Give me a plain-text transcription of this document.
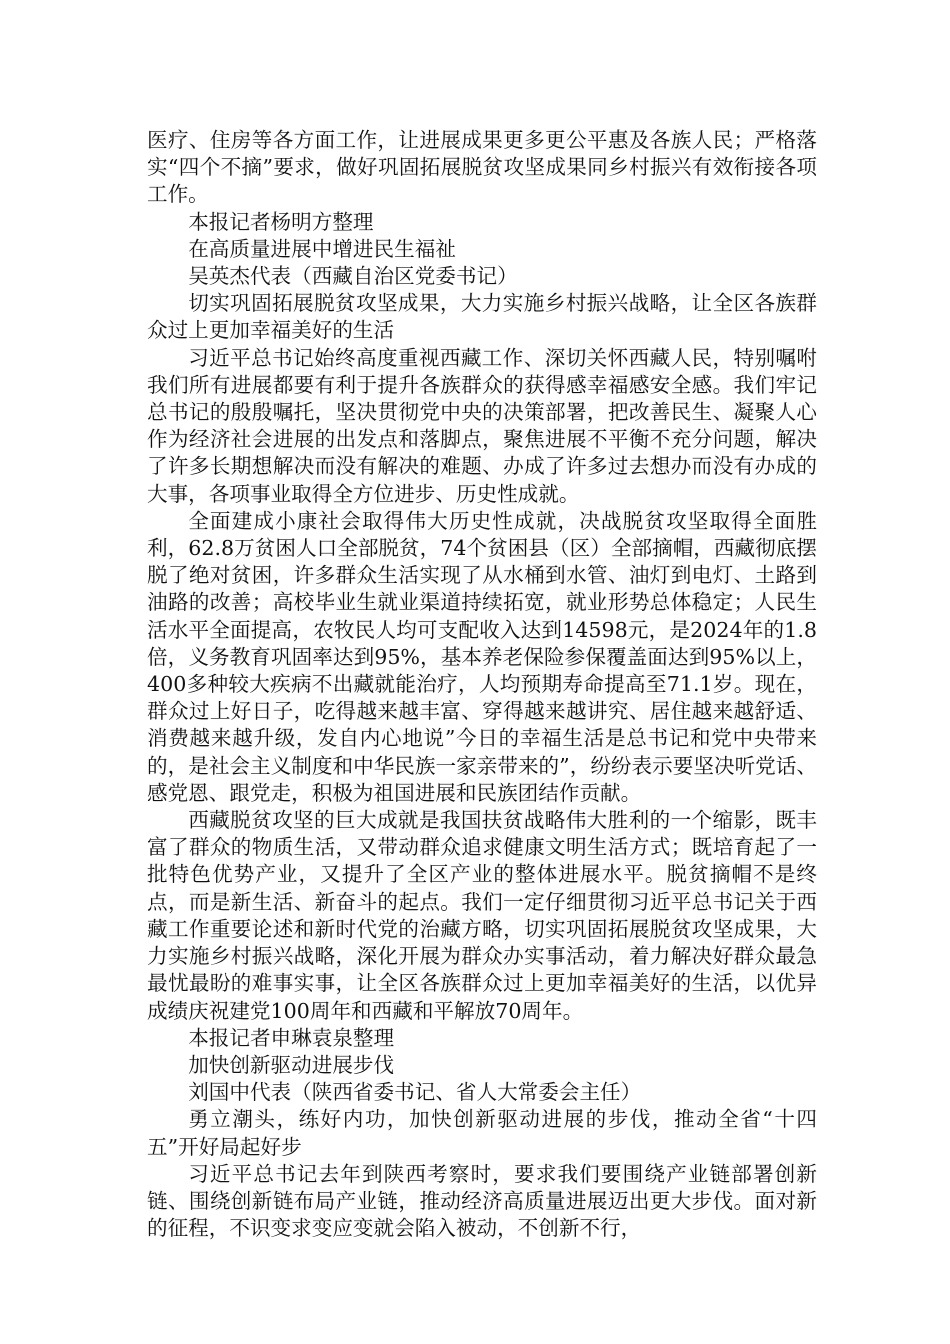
医疗、住房等各方面工作，让进展成果更多更公平惠及各族人民；严格落实“四个不摘”要求，做好巩固拓展脱贫攻坚成果同乡村振兴有效衔接各项工作。

本报记者杨明方整理

在高质量进展中增进民生福祉

吴英杰代表（西藏自治区党委书记）

切实巩固拓展脱贫攻坚成果，大力实施乡村振兴战略，让全区各族群众过上更加幸福美好的生活

习近平总书记始终高度重视西藏工作、深切关怀西藏人民，特别嘱咐我们所有进展都要有利于提升各族群众的获得感幸福感安全感。我们牢记总书记的殷殷嘱托，坚决贯彻党中央的决策部署，把改善民生、凝聚人心作为经济社会进展的出发点和落脚点，聚焦进展不平衡不充分问题，解决了许多长期想解决而没有解决的难题、办成了许多过去想办而没有办成的大事，各项事业取得全方位进步、历史性成就。

全面建成小康社会取得伟大历史性成就，决战脱贫攻坚取得全面胜利，62.8万贫困人口全部脱贫，74个贫困县（区）全部摘帽，西藏彻底摆脱了绝对贫困，许多群众生活实现了从水桶到水管、油灯到电灯、土路到油路的改善；高校毕业生就业渠道持续拓宽，就业形势总体稳定；人民生活水平全面提高，农牧民人均可支配收入达到14598元，是2024年的1.8倍，义务教育巩固率达到95%，基本养老保险参保覆盖面达到95%以上，400多种较大疾病不出藏就能治疗，人均预期寿命提高至71.1岁。现在，群众过上好日子，吃得越来越丰富、穿得越来越讲究、居住越来越舒适、消费越来越升级，发自内心地说”今日的幸福生活是总书记和党中央带来的，是社会主义制度和中华民族一家亲带来的”，纷纷表示要坚决听党话、感党恩、跟党走，积极为祖国进展和民族团结作贡献。

西藏脱贫攻坚的巨大成就是我国扶贫战略伟大胜利的一个缩影，既丰富了群众的物质生活，又带动群众追求健康文明生活方式；既培育起了一批特色优势产业，又提升了全区产业的整体进展水平。脱贫摘帽不是终点，而是新生活、新奋斗的起点。我们一定仔细贯彻习近平总书记关于西藏工作重要论述和新时代党的治藏方略，切实巩固拓展脱贫攻坚成果，大力实施乡村振兴战略，深化开展为群众办实事活动，着力解决好群众最急最忧最盼的难事实事，让全区各族群众过上更加幸福美好的生活，以优异成绩庆祝建党100周年和西藏和平解放70周年。

本报记者申琳袁泉整理

加快创新驱动进展步伐

刘国中代表（陕西省委书记、省人大常委会主任）

勇立潮头，练好内功，加快创新驱动进展的步伐，推动全省“十四五”开好局起好步

习近平总书记去年到陕西考察时，要求我们要围绕产业链部署创新链、围绕创新链布局产业链，推动经济高质量进展迈出更大步伐。面对新的征程，不识变求变应变就会陷入被动，不创新不行，
